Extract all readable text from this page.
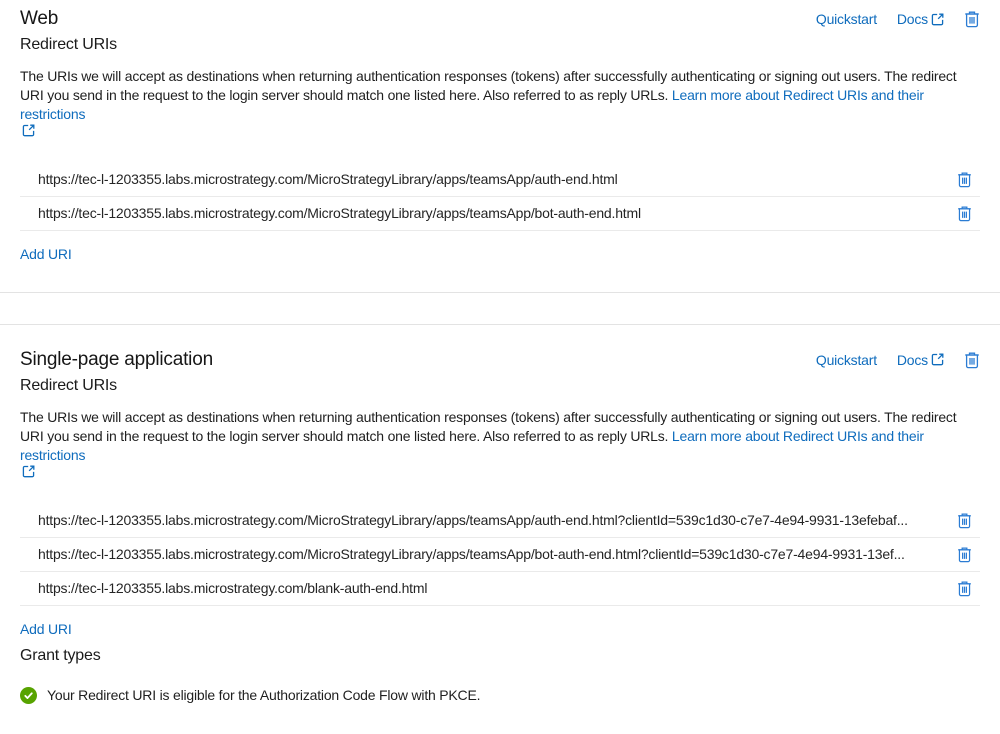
Web
Redirect URIs
Quickstart Docs

The URIs we will accept as destinations when returning authentication responses (tokens) after successfully authenticating or signing out users. The redirect URI you send in the request to the login server should match one listed here. Also referred to as reply URLs. Learn more about Redirect URIs and their restrictions

https://tec-l-1203355.labs.microstrategy.com/MicroStrategyLibrary/apps/teamsApp/auth-end.html
https://tec-l-1203355.labs.microstrategy.com/MicroStrategyLibrary/apps/teamsApp/bot-auth-end.html
Add URI
Single-page application
Redirect URIs
Quickstart Docs

The URIs we will accept as destinations when returning authentication responses (tokens) after successfully authenticating or signing out users. The redirect URI you send in the request to the login server should match one listed here. Also referred to as reply URLs. Learn more about Redirect URIs and their restrictions

https://tec-l-1203355.labs.microstrategy.com/MicroStrategyLibrary/apps/teamsApp/auth-end.html?clientId=539c1d30-c7e7-4e94-9931-13efebaf...
https://tec-l-1203355.labs.microstrategy.com/MicroStrategyLibrary/apps/teamsApp/bot-auth-end.html?clientId=539c1d30-c7e7-4e94-9931-13ef...
https://tec-l-1203355.labs.microstrategy.com/blank-auth-end.html
Add URI
Grant types
Your Redirect URI is eligible for the Authorization Code Flow with PKCE.
